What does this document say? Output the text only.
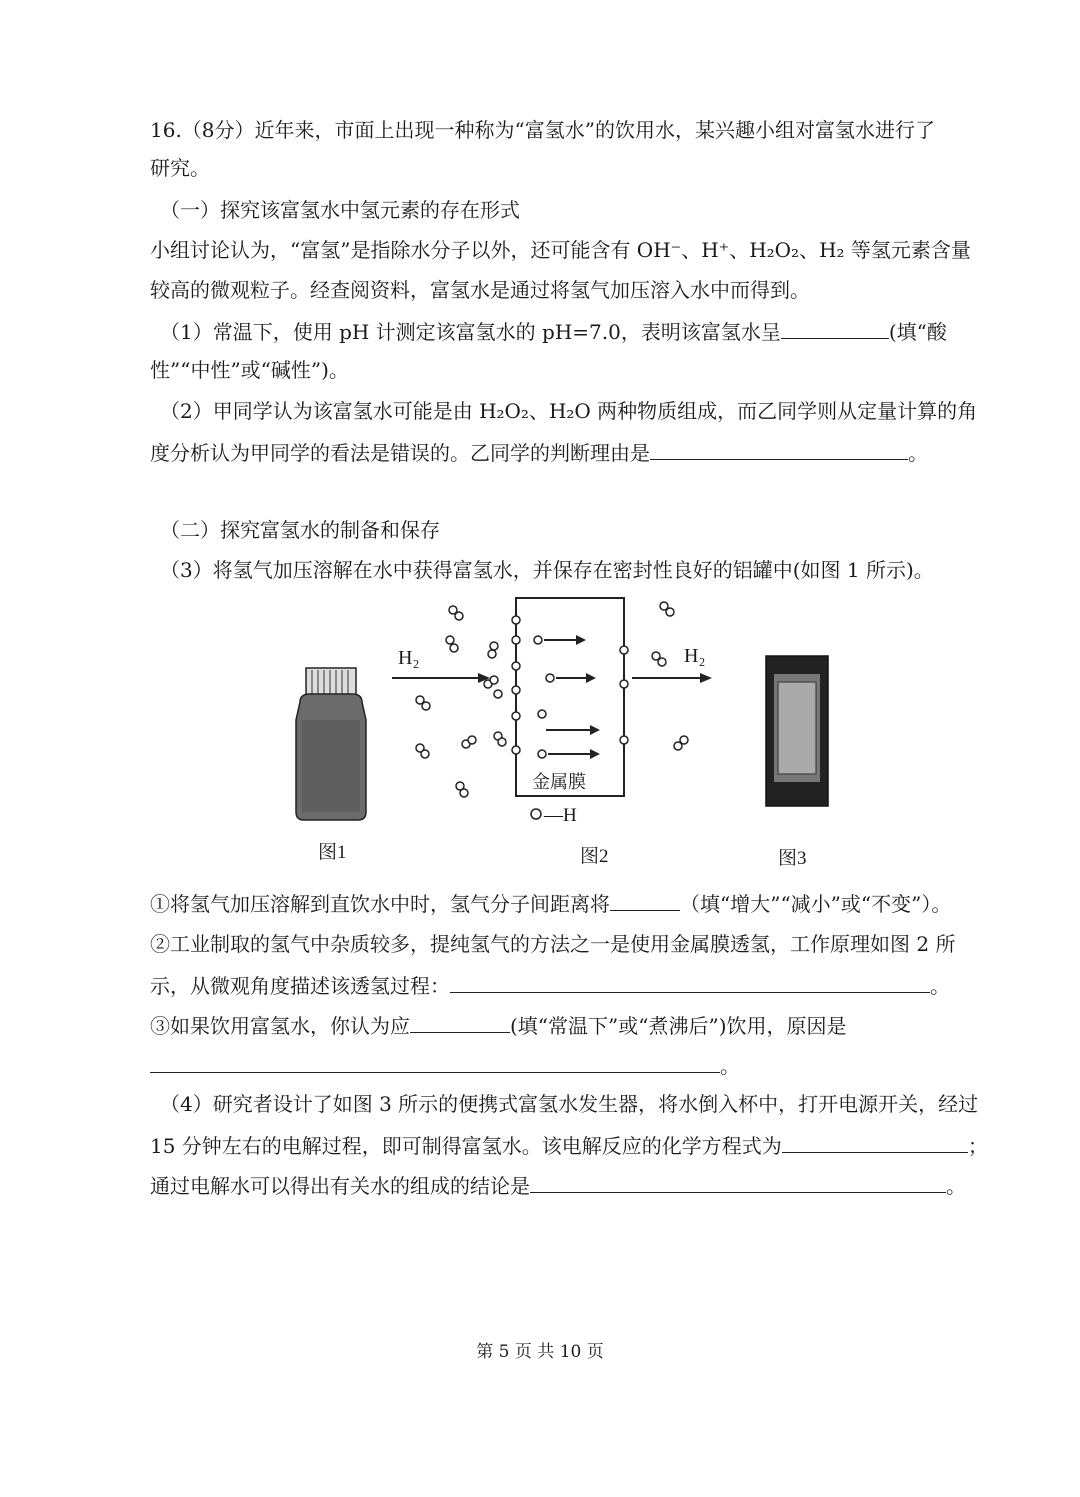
16.（8分）近年来，市面上出现一种称为“富氢水”的饮用水，某兴趣小组对富氢水进行了
研究。
（一）探究该富氢水中氢元素的存在形式
小组讨论认为，“富氢”是指除水分子以外，还可能含有 OH⁻、H⁺、H₂O₂、H₂ 等氢元素含量
较高的微观粒子。经查阅资料，富氢水是通过将氢气加压溶入水中而得到。
（1）常温下，使用 pH 计测定该富氢水的 pH=7.0，表明该富氢水呈	(填“酸
性”“中性”或“碱性”)。
（2）甲同学认为该富氢水可能是由 H₂O₂、H₂O 两种物质组成，而乙同学则从定量计算的角
度分析认为甲同学的看法是错误的。乙同学的判断理由是	。
（二）探究富氢水的制备和保存
（3）将氢气加压溶解在水中获得富氢水，并保存在密封性良好的铝罐中(如图 1 所示)。
图1
H₂
金属膜
H₂
—H
图2	图3
①将氢气加压溶解到直饮水中时，氢气分子间距离将	（填“增大”“减小”或“不变”）。
②工业制取的氢气中杂质较多，提纯氢气的方法之一是使用金属膜透氢，工作原理如图 2 所
示，从微观角度描述该透氢过程：	。
③如果饮用富氢水，你认为应	(填“常温下”或“煮沸后”)饮用，原因是
。
（4）研究者设计了如图 3 所示的便携式富氢水发生器，将水倒入杯中，打开电源开关，经过
15 分钟左右的电解过程，即可制得富氢水。该电解反应的化学方程式为	；
通过电解水可以得出有关水的组成的结论是	。
第 5 页 共 10 页
